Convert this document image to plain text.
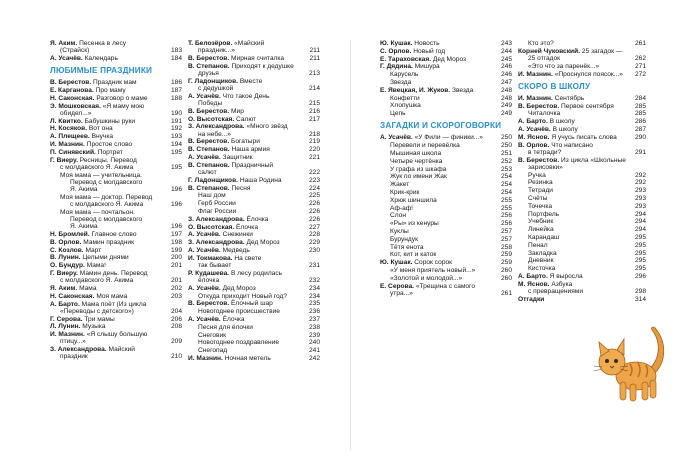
Я. Аким. Песенка в лесу
(Страйск)	183
А. Усачёв. Календарь	184
ЛЮБИМЫЕ ПРАЗДНИКИ
В. Берестов. Праздник мам	186
Е. Карганова. Про маму	187
Н. Саконская. Разговор о маме	188
Э. Мошковская. «Я маму мою
обидел...»	190
Л. Квитко. Бабушкины руки	191
Н. Косяков. Вот она	192
А. Плещеев. Внучка	193
И. Мазнин. Простое слово	194
П. Синявский. Портрет	195
Г. Виеру. Ресницы. Перевод
с молдавского Я. Акима	195
Моя мама — учительница.
Перевод с молдавского
Я. Акима	196
Моя мама — доктор. Перевод
с молдавского Я. Акима	196
Моя мама — почтальон.
Перевод с молдавского
Я. Акима	196
Н. Бромлей. Главное слово	197
В. Орлов. Мамин праздник	198
С. Козлов. Март	199
В. Лунин. Целыми днями	200
О. Бундур. Мама!	201
Г. Виеру. Мамин день. Перевод
с молдавского Я. Акима	201
Я. Аким. Мама	202
Н. Саконская. Моя мама	203
А. Барто. Мама поёт (Из цикла
«Переводы с детского»)	204
Г. Серова. Три мамы	206
Л. Лунин. Музыка	208
И. Мазнин. «Я слышу большую
птицу...»	209
З. Александрова. Майский
праздник	210
Т. Белозёров. «Майский
праздник...»	211
В. Берестов. Мирная считалка	211
В. Степанов. Приходят к дедушке
друзья	213
Г. Ладонщиков. Вместе
с дедушкой	214
А. Усачёв. Что такое День
Победы	215
В. Берестов. Мир	216
О. Высотская. Салют	217
З. Александрова. «Много звёзд
на небе...»	218
В. Берестов. Богатыри	219
В. Степанов. Наша армия	220
А. Усачёв. Защитник	221
В. Степанов. Праздничный
салют	222
Г. Ладонщиков. Наша Родина	223
В. Степанов. Песня	224
Наш дом	225
Герб России	226
Флаг России	226
З. Александрова. Ёлочка	226
О. Высотская. Ёлочка	227
А. Усачёв. Снежинки	228
З. Александрова. Дед Мороз	229
А. Усачёв. Медведь	230
И. Токмакова. На свете
так бывает	231
Р. Кудашева. В лесу родилась
ёлочка	232
А. Усачёв. Дед Мороз	234
Откуда приходит Новый год?	234
В. Берестов. Ёлочный шар	235
Новогоднее происшествие	236
А. Усачёв. Ёлочка	237
Песня для ёлочки	238
Снеговик	239
Новогоднее поздравление	240
Снегопад	241
И. Мазнин. Ночная метель	242
Ю. Кушак. Новость	243
С. Орлов. Новый год	244
Е. Тараховская. Дед Мороз	245
Г. Дядина. Мишура	246
Карусель	246
Звезда	247
Е. Явецкая, И. Жуков. Звезда	248
Конфетти	248
Хлопушка	249
Цепь	249
ЗАГАДКИ И СКОРОГОВОРКИ
А. Усачёв. «У Фили — финики...»	250
Перевели и перевёлка	250
Мышиная школа	251
Четыре чертёнка	252
У графа из шкафа	253
Жук по имени Жак	254
Жакет	254
Крик-крик	254
Хрюк шиншила	255
Аф-аф!	255
Слон	256
«Ры» из кенуры	256
Куклы	257
Бурундук	257
Тётя енота	258
Кот, кит и каток	259
Ю. Кушак. Сорок сорок	259
«У меня приятель новый...»	260
«Золотой и молодой...»	260
Е. Серова. «Трещина с самого
утра...»	261
Кто это?	261
Корней Чуковский. 25 загадок —
25 отгадок	262
«Это что за паренёк...»	271
И. Мазнин. «Проснулся поясок...»	272
СКОРО В ШКОЛУ
И. Мазнин. Сентябрь	284
В. Берестов. Первое сентября	285
Читалочка	285
А. Барто. В школу	286
А. Усачёв. В школу	287
М. Яснов. Я учусь писать слова	290
В. Орлов. Что написано
в тетради?	291
В. Берестов. Из цикла «Школьные
зарисовки»
Ручка	292
Резинка	292
Тетради	293
Счёты	293
Точечка	293
Портфель	294
Учебник	294
Линейка	294
Карандаш	295
Пенал	295
Закладка	295
Дневник	295
Кисточка	295
А. Барто. Я выросла	296
М. Яснов. Азбука
с превращениями	298
Отгадки	314
